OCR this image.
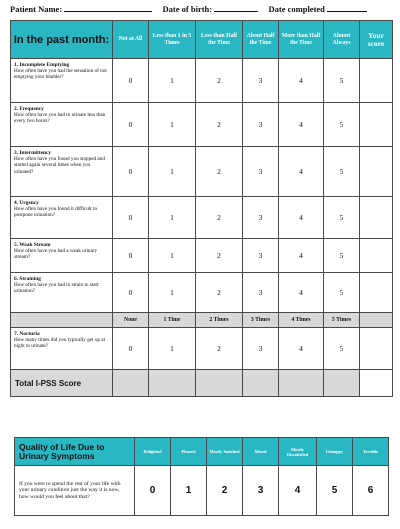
Patient Name:	Date of birth:	Date completed
In the past month:	Not at All	Less than 1 in 5 Times	Less than Half the Time	About Half the Time	More than Half the Time	Almost Always	Your score

1. Incomplete Emptying
How often have you had the sensation of not emptying your bladder?	0	1	2	3	4	5	

2. Frequency
How often have you had to urinate less than every two hours?	0	1	2	3	4	5	

3. Intermittency
How often have you found you stopped and started again several times when you urinated?	0	1	2	3	4	5	

4. Urgency
How often have you found it difficult to postpone urination?	0	1	2	3	4	5	

5. Weak Stream
How often have you had a weak urinary stream?	0	1	2	3	4	5	

6. Straining
How often have you had to strain to start urination?	0	1	2	3	4	5	
	None	1 Time	2 Times	3 Times	4 Times	5 Times	

7. Nocturia
How many times did you typically get up at night to urinate?	0	1	2	3	4	5	
Total I-PSS Score							
Quality of Life Due to Urinary Symptoms	Delighted	Pleased	Mostly Satisfied	Mixed	Mostly Dissatisfied	Unhappy	Terrible
If you were to spend the rest of your life with your urinary condition just the way it is now, how would you feel about that?	0	1	2	3	4	5	6
